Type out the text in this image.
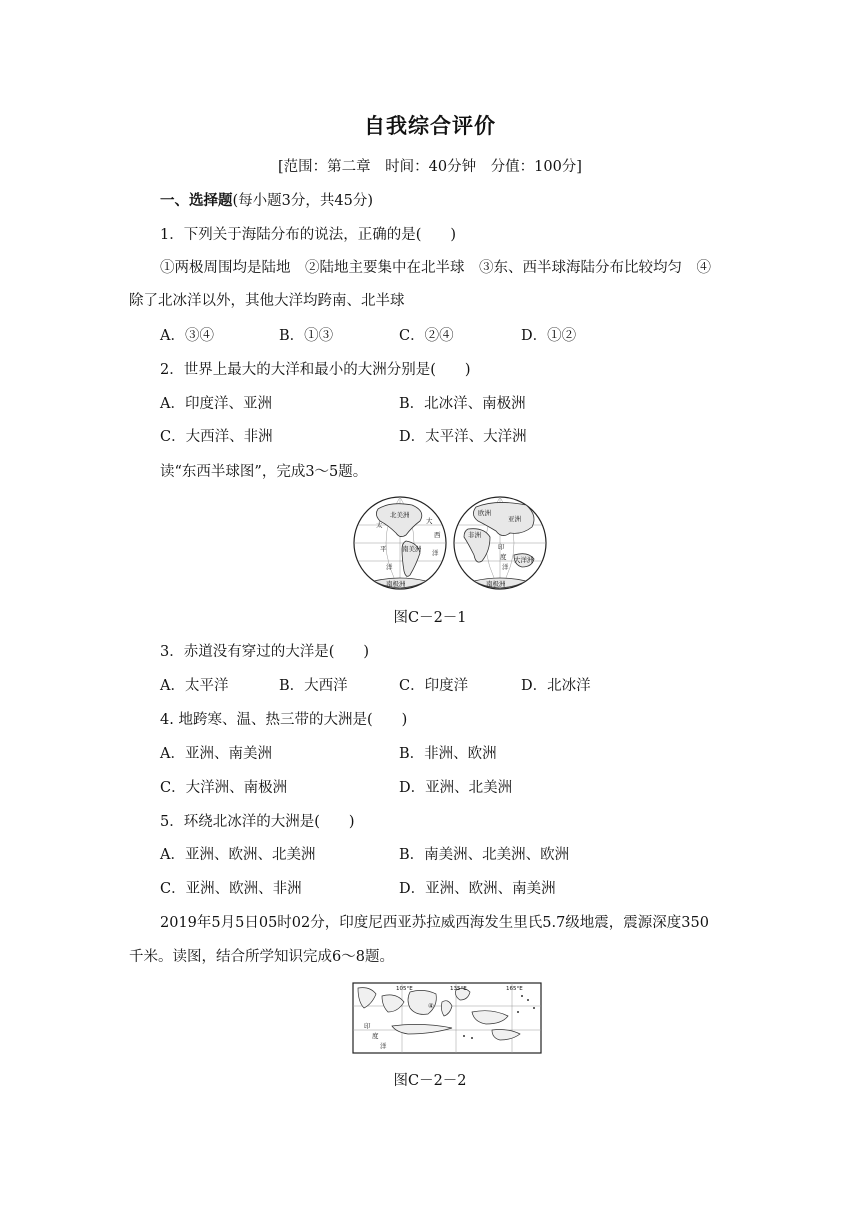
自我综合评价
[范围：第二章　时间：40分钟　分值：100分]
一、选择题(每小题3分，共45分)
1．下列关于海陆分布的说法，正确的是(　　)
①两极周围均是陆地　②陆地主要集中在北半球　③东、西半球海陆分布比较均匀　④
除了北冰洋以外，其他大洋均跨南、北半球
A．③④	B．①③	C．②④	D．①②
2．世界上最大的大洋和最小的大洲分别是(　　)
A．印度洋、亚洲	B．北冰洋、南极洲
C．大西洋、非洲	D．太平洋、大洋洲
读“东西半球图”，完成3～5题。
北美洲
南美洲
南极洲
欧洲
亚洲
非洲
大洋洲
南极洲
太
平
洋
大
西
洋
印
度
洋
图C－2－1
3．赤道没有穿过的大洋是(　　)
A．太平洋	B．大西洋	C．印度洋	D．北冰洋
4. 地跨寒、温、热三带的大洲是(　　)
A．亚洲、南美洲	B．非洲、欧洲
C．大洋洲、南极洲	D．亚洲、北美洲
5．环绕北冰洋的大洲是(　　)
A．亚洲、欧洲、北美洲	B．南美洲、北美洲、欧洲
C．亚洲、欧洲、非洲	D．亚洲、欧洲、南美洲
2019年5月5日05时02分，印度尼西亚苏拉威西海发生里氏5.7级地震，震源深度350
千米。读图，结合所学知识完成6～8题。
105°E	135°E	165°E
④
印
度
洋
图C－2－2
